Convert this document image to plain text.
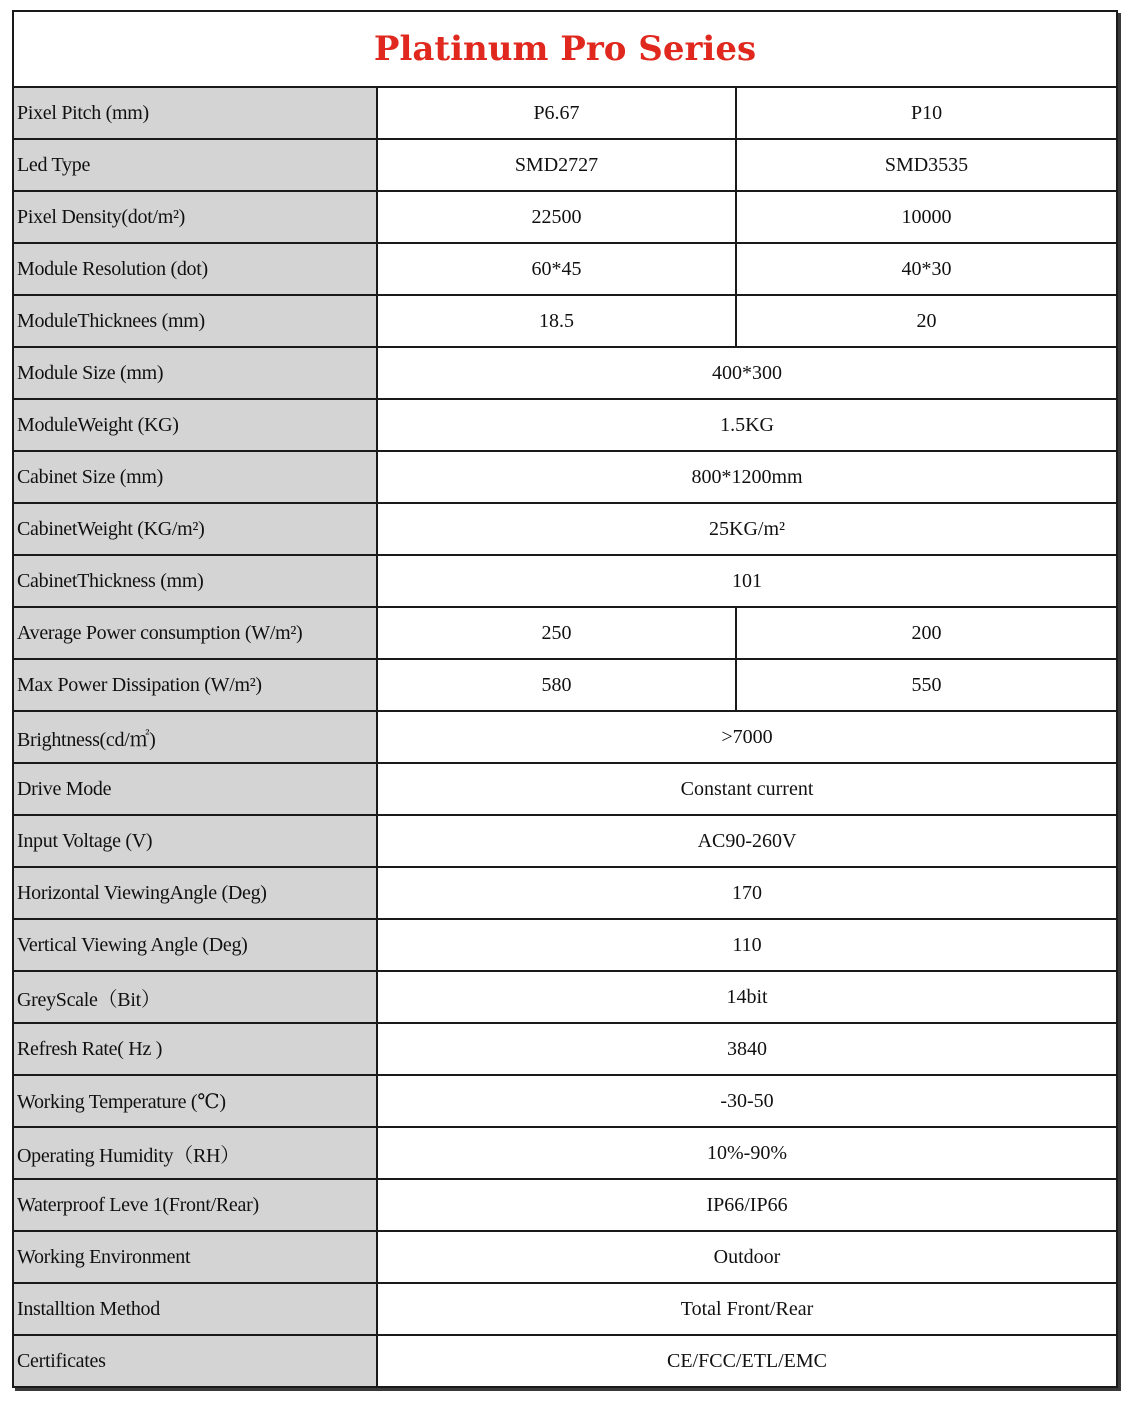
Platinum Pro Series		
Pixel Pitch (mm)	P6.67	P10
Led Type	SMD2727	SMD3535
Pixel Density(dot/m²)	22500	10000
Module Resolution (dot)	60*45	40*30
ModuleThicknees (mm)	18.5	20
Module Size (mm)	400*300	
ModuleWeight (KG)	1.5KG	
Cabinet Size (mm)	800*1200mm	
CabinetWeight (KG/m²)	25KG/m²	
CabinetThickness (mm)	101	
Average Power consumption (W/m²)	250	200
Max Power Dissipation (W/m²)	580	550
Brightness(cd/㎡)	>7000	
Drive Mode	Constant current	
Input Voltage (V)	AC90-260V	
Horizontal ViewingAngle (Deg)	170	
Vertical Viewing Angle (Deg)	110	
GreyScale（Bit）	14bit	
Refresh Rate( Hz )	3840	
Working Temperature (℃)	-30-50	
Operating Humidity（RH）	10%-90%	
Waterproof Leve 1(Front/Rear)	IP66/IP66	
Working Environment	Outdoor	
Installtion Method	Total Front/Rear	
Certificates	CE/FCC/ETL/EMC	
